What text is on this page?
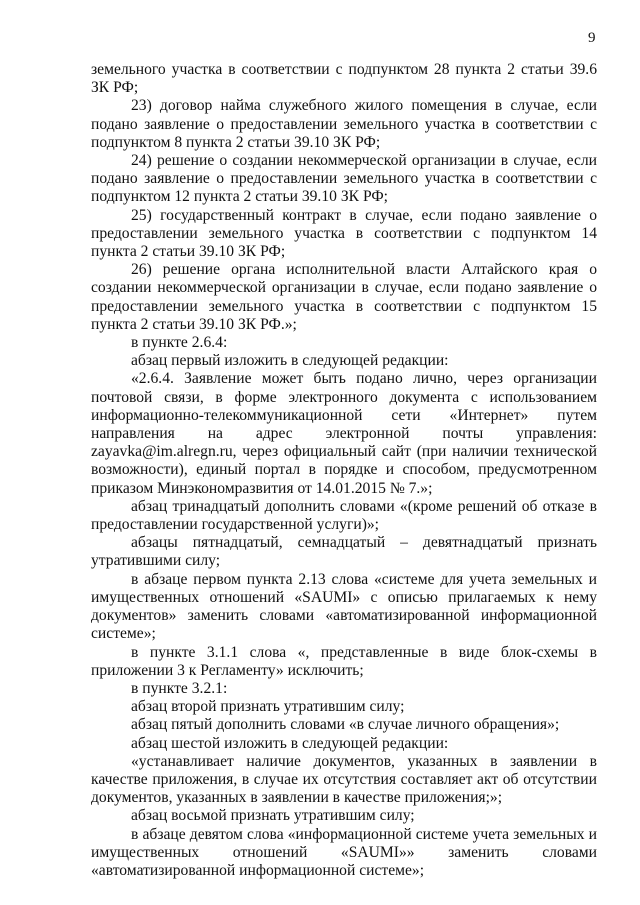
9

земельного участка в соответствии с подпунктом 28 пункта 2 статьи 39.6 ЗК РФ;

23) договор найма служебного жилого помещения в случае, если подано заявление о предоставлении земельного участка в соответствии с подпунктом 8 пункта 2 статьи 39.10 ЗК РФ;

24) решение о создании некоммерческой организации в случае, если подано заявление о предоставлении земельного участка в соответствии с подпунктом 12 пункта 2 статьи 39.10 ЗК РФ;

25) государственный контракт в случае, если подано заявление о предоставлении земельного участка в соответствии с подпунктом 14 пункта 2 статьи 39.10 ЗК РФ;

26) решение органа исполнительной власти Алтайского края о создании некоммерческой организации в случае, если подано заявление о предоставлении земельного участка в соответствии с подпунктом 15 пункта 2 статьи 39.10 ЗК РФ.»;

в пункте 2.6.4:

абзац первый изложить в следующей редакции:

«2.6.4. Заявление может быть подано лично, через организации почтовой связи, в форме электронного документа с использованием информационно-телекоммуникационной сети «Интернет» путем направления на адрес электронной почты управления: zayavka@im.alregn.ru, через официальный сайт (при наличии технической возможности), единый портал в порядке и способом, предусмотренном приказом Минэкономразвития от 14.01.2015 № 7.»;

абзац тринадцатый дополнить словами «(кроме решений об отказе в предоставлении государственной услуги)»;

абзацы пятнадцатый, семнадцатый – девятнадцатый признать утратившими силу;

в абзаце первом пункта 2.13 слова «системе для учета земельных и имущественных отношений «SAUMI» с описью прилагаемых к нему документов» заменить словами «автоматизированной информационной системе»;

в пункте 3.1.1 слова «, представленные в виде блок-схемы в приложении 3 к Регламенту» исключить;

в пункте 3.2.1:

абзац второй признать утратившим силу;

абзац пятый дополнить словами «в случае личного обращения»;

абзац шестой изложить в следующей редакции:

«устанавливает наличие документов, указанных в заявлении в качестве приложения, в случае их отсутствия составляет акт об отсутствии документов, указанных в заявлении в качестве приложения;»;

абзац восьмой признать утратившим силу;

в абзаце девятом слова «информационной системе учета земельных и имущественных отношений «SAUMI»» заменить словами «автоматизированной информационной системе»;
